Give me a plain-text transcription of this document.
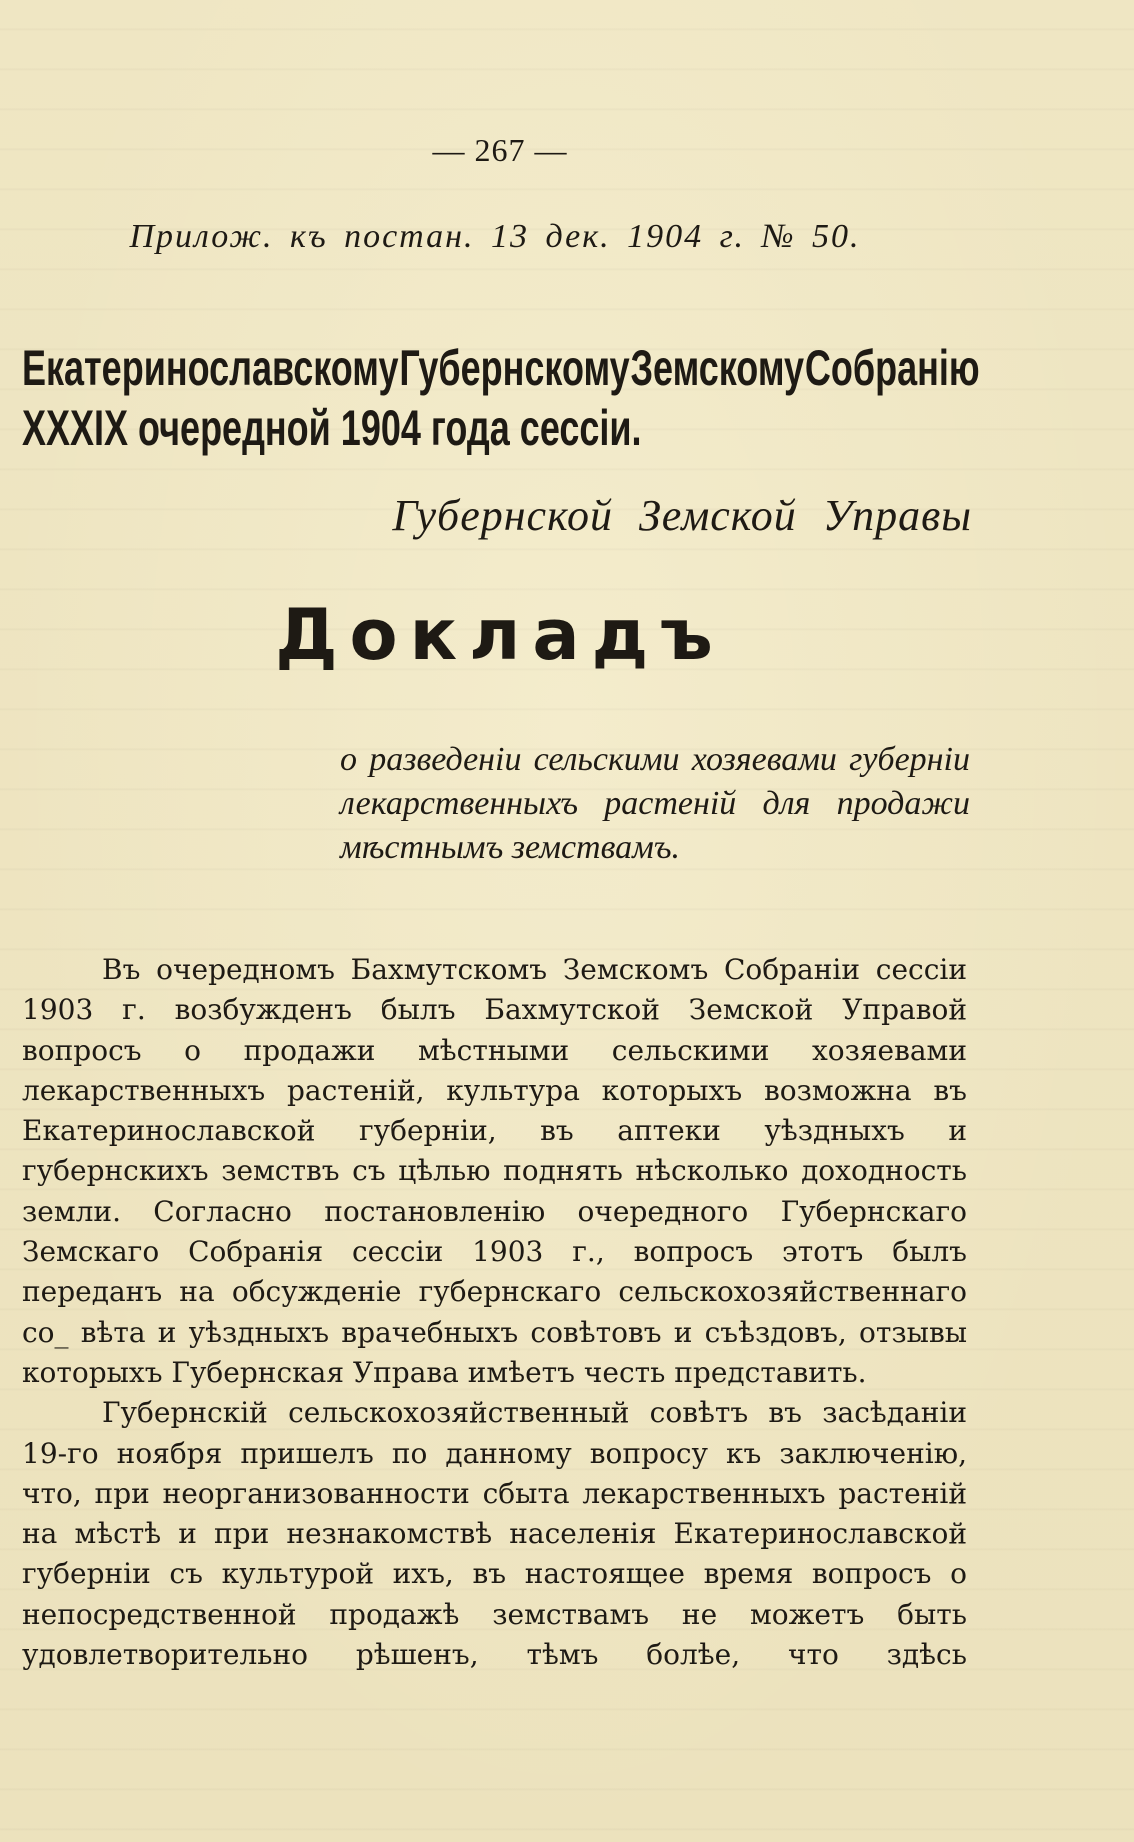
— 267 —
Прилож. къ постан. 13 дек. 1904 г. № 50.
Екатеринославскому Губернскому Земскому Собранію
XXXIX очередной 1904 года сессіи.
Губернской Земской Управы
Докладъ
о разведеніи сельскими хозяевами губерніи лекарственныхъ растеній для продажи мѣстнымъ земствамъ.

Въ очередномъ Бахмутскомъ Земскомъ Собраніи сессіи 1903 г. возбужденъ былъ Бахмутской Земской Управой вопросъ о продажи мѣстными сельскими хозяевами лекарственныхъ растеній, культура которыхъ возможна въ Екатеринославской губерніи, въ аптеки уѣздныхъ и губернскихъ земствъ съ цѣлью поднять нѣсколько доходность земли. Согласно постановленію очередного Губернскаго Земскаго Собранія сессіи 1903 г., вопросъ этотъ былъ переданъ на обсужденіе губернскаго сельскохозяйственнаго со_ вѣта и уѣздныхъ врачебныхъ совѣтовъ и съѣздовъ, отзывы которыхъ Губернская Управа имѣетъ честь представить.

Губернскій сельскохозяйственный совѣтъ въ засѣданіи 19-го ноября пришелъ по данному вопросу къ заключенію, что, при неорганизованности сбыта лекарственныхъ растеній на мѣстѣ и при незнакомствѣ населенія Екатеринославской губерніи съ культурой ихъ, въ настоящее время вопросъ о непосредственной продажѣ земствамъ не можетъ быть удовлетворительно рѣшенъ, тѣмъ болѣе, что здѣсь
